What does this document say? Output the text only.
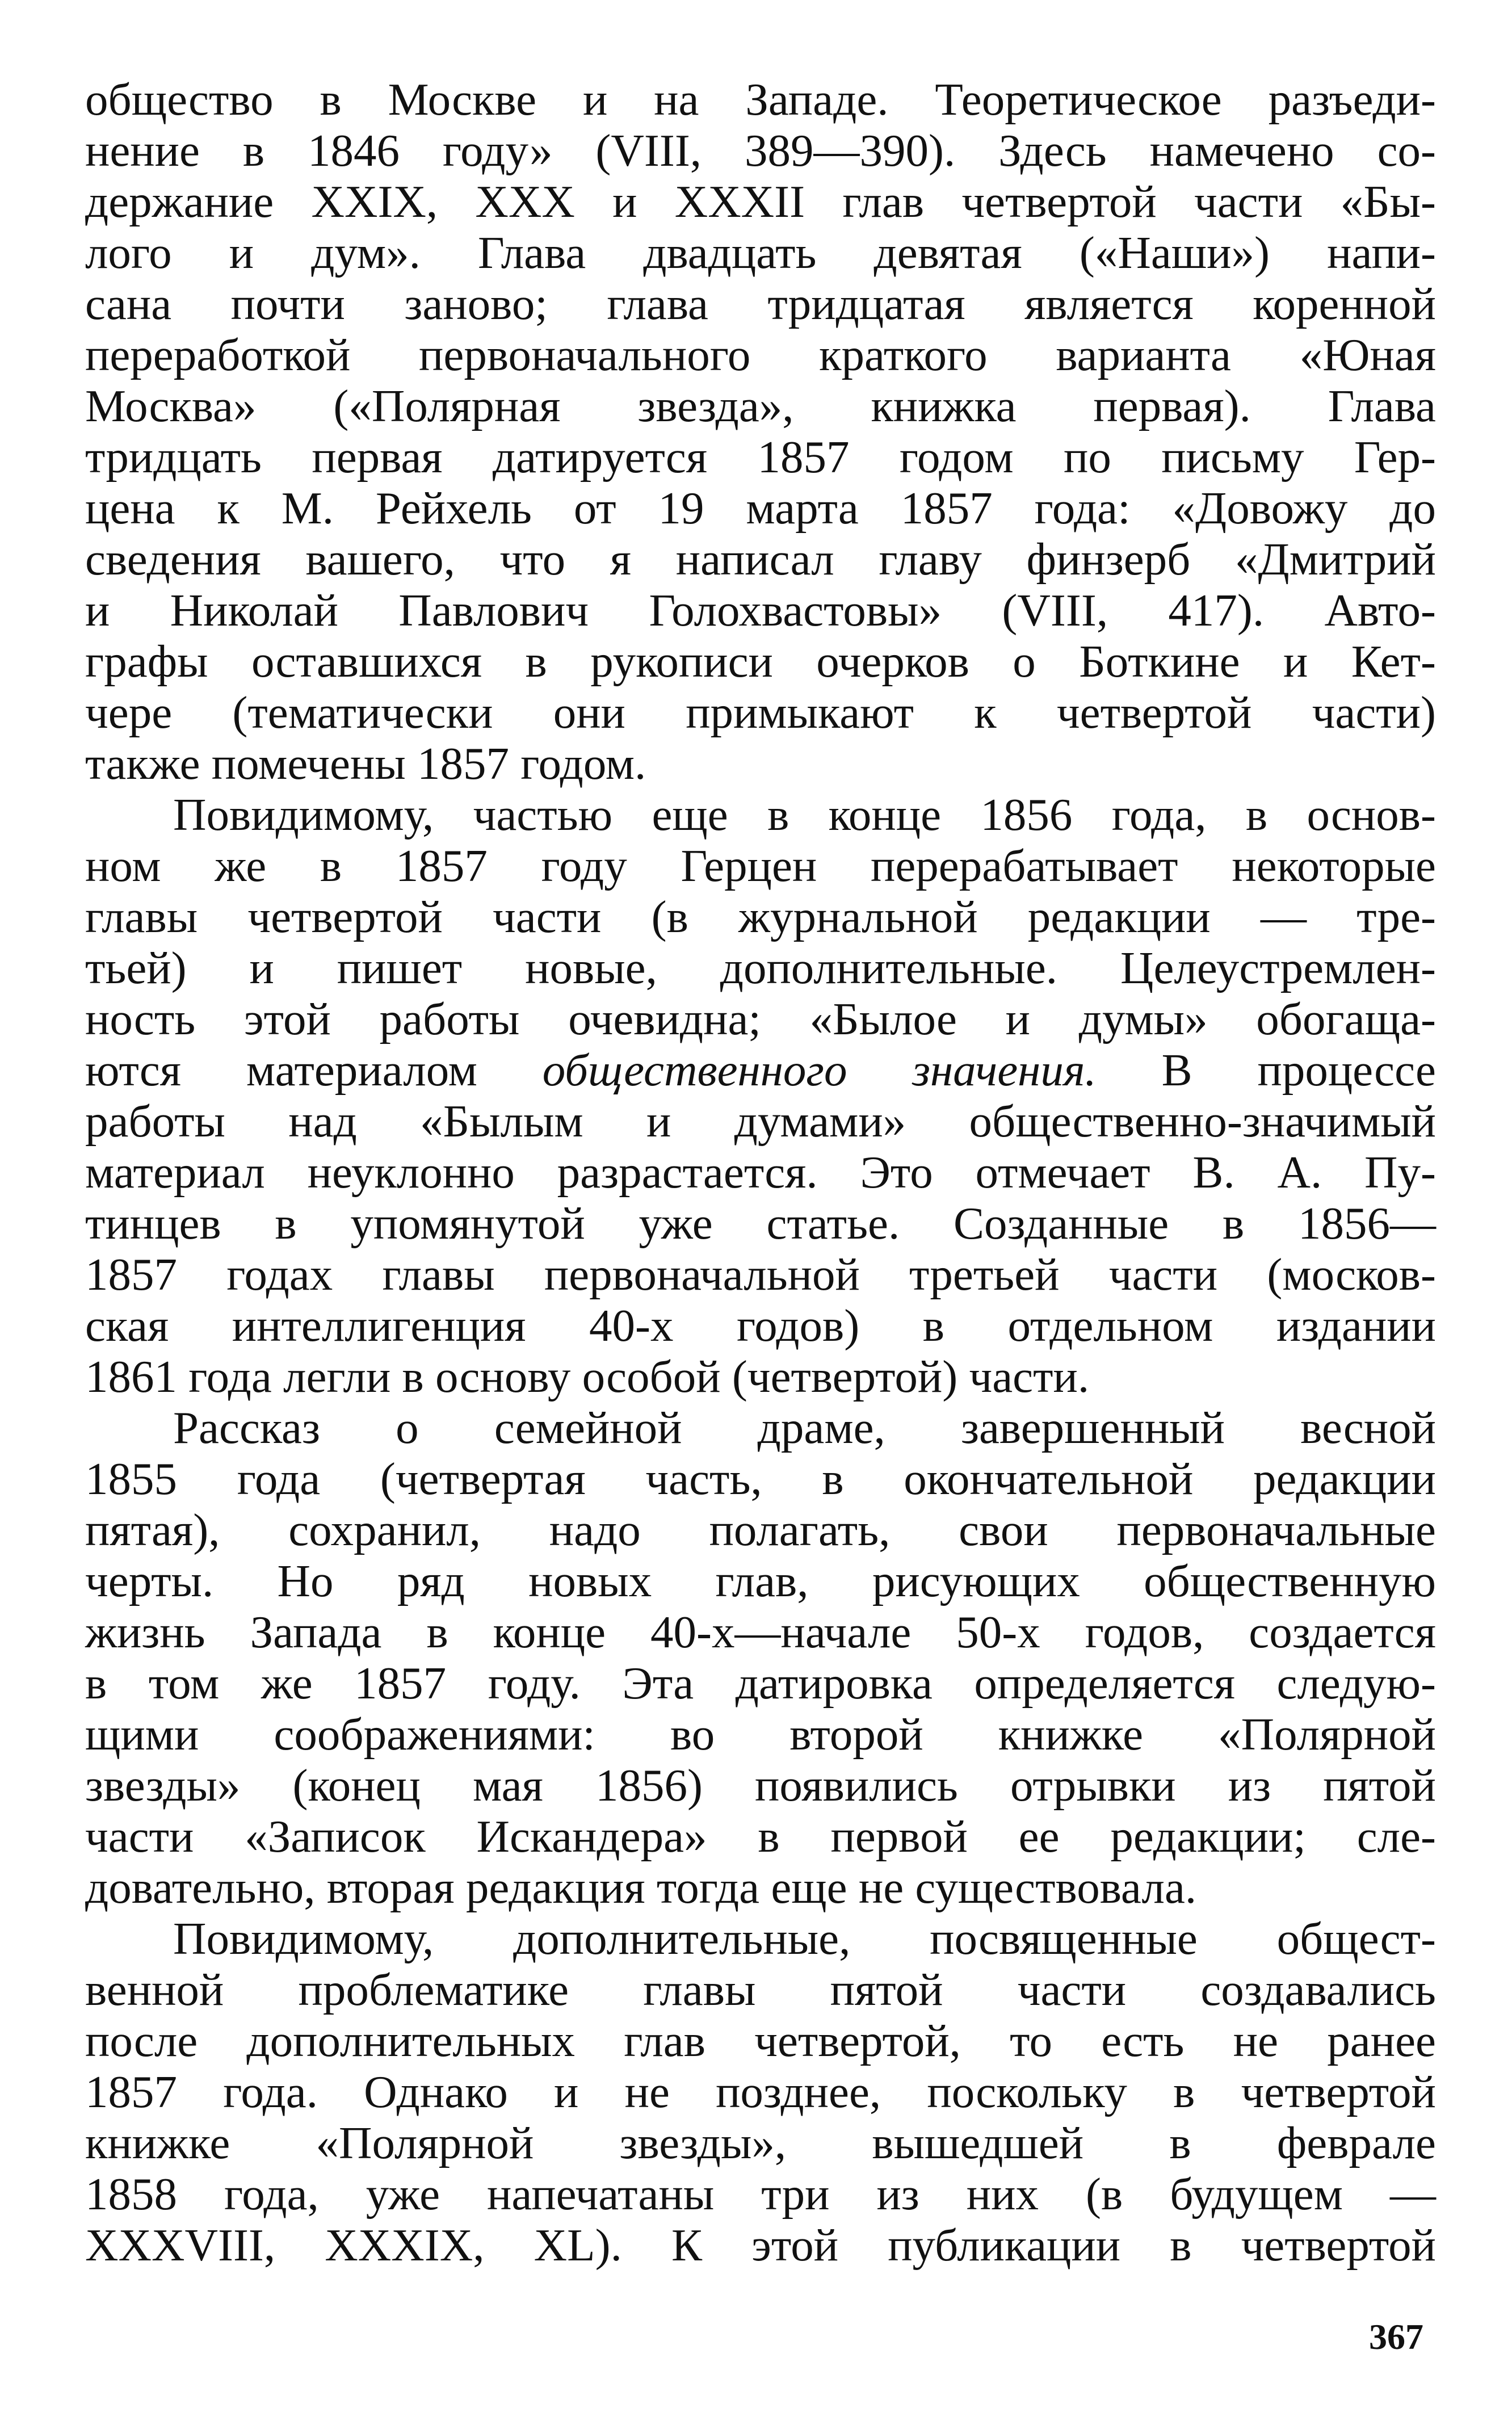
общество в Москве и на Западе. Теоретическое разъеди-
нение в 1846 году» (VIII, 389—390). Здесь намечено со-
держание XXIX, XXX и XXXII глав четвертой части «Бы-
лого и дум». Глава двадцать девятая («Наши») напи-
сана почти заново; глава тридцатая является коренной
переработкой первоначального краткого варианта «Юная
Москва» («Полярная звезда», книжка первая). Глава
тридцать первая датируется 1857 годом по письму Гер-
цена к М. Рейхель от 19 марта 1857 года: «Довожу до
сведения вашего, что я написал главу финзерб «Дмитрий
и Николай Павлович Голохвастовы» (VIII, 417). Авто-
графы оставшихся в рукописи очерков о Боткине и Кет-
чере (тематически они примыкают к четвертой части)
также помечены 1857 годом.
Повидимому, частью еще в конце 1856 года, в основ-
ном же в 1857 году Герцен перерабатывает некоторые
главы четвертой части (в журнальной редакции — тре-
тьей) и пишет новые, дополнительные. Целеустремлен-
ность этой работы очевидна; «Былое и думы» обогаща-
ются материалом общественного значения. В процессе
работы над «Былым и думами» общественно-значимый
материал неуклонно разрастается. Это отмечает В. А. Пу-
тинцев в упомянутой уже статье. Созданные в 1856—
1857 годах главы первоначальной третьей части (москов-
ская интеллигенция 40-х годов) в отдельном издании
1861 года легли в основу особой (четвертой) части.
Рассказ о семейной драме, завершенный весной
1855 года (четвертая часть, в окончательной редакции
пятая), сохранил, надо полагать, свои первоначальные
черты. Но ряд новых глав, рисующих общественную
жизнь Запада в конце 40-х—начале 50-х годов, создается
в том же 1857 году. Эта датировка определяется следую-
щими соображениями: во второй книжке «Полярной
звезды» (конец мая 1856) появились отрывки из пятой
части «Записок Искандера» в первой ее редакции; сле-
довательно, вторая редакция тогда еще не существовала.
Повидимому, дополнительные, посвященные общест-
венной проблематике главы пятой части создавались
после дополнительных глав четвертой, то есть не ранее
1857 года. Однако и не позднее, поскольку в четвертой
книжке «Полярной звезды», вышедшей в феврале
1858 года, уже напечатаны три из них (в будущем —
XXXVIII, XXXIX, XL). К этой публикации в четвертой
367
